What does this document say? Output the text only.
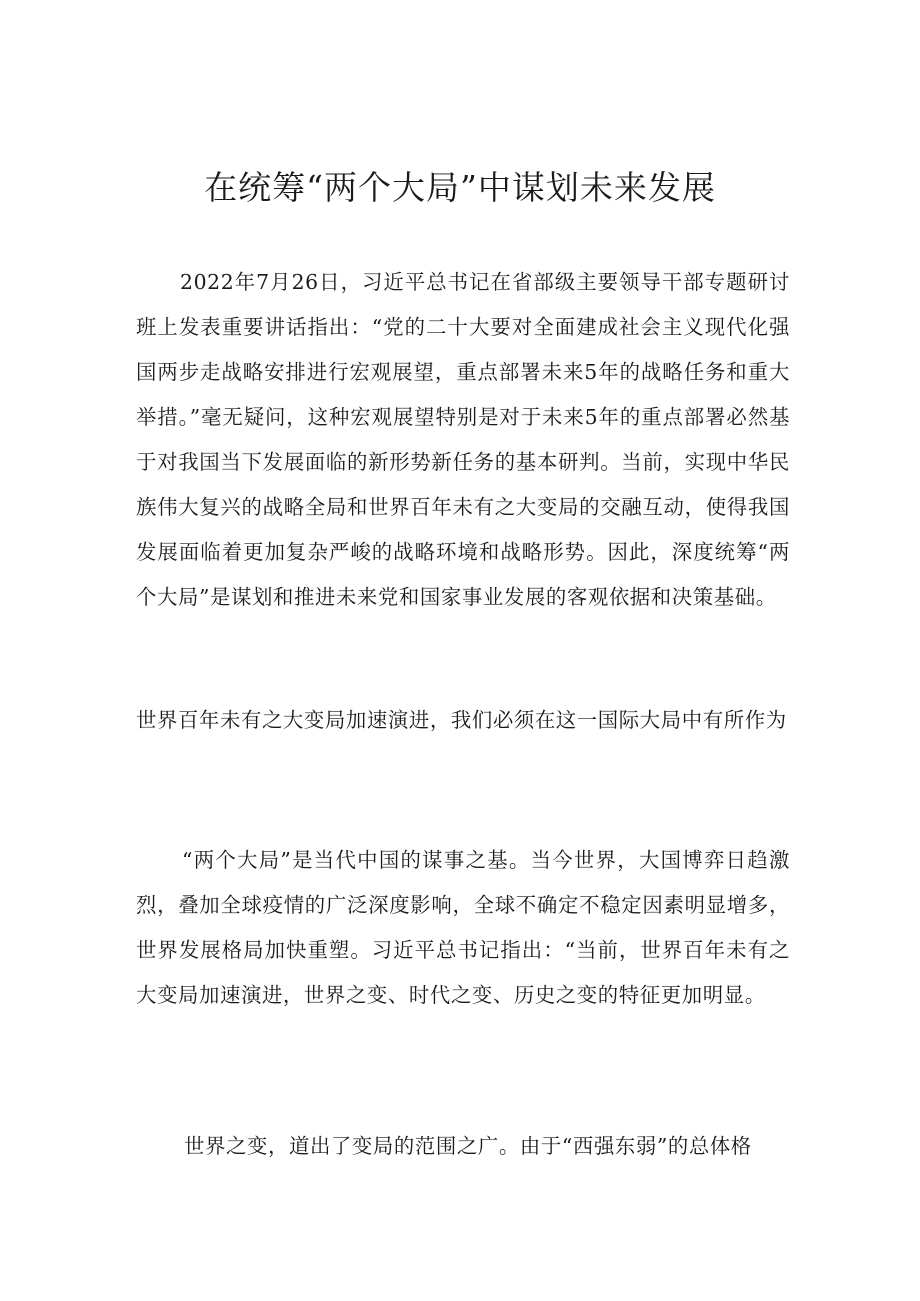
在统筹“两个大局”中谋划未来发展

2022年7月26日，习近平总书记在省部级主要领导干部专题研讨班上发表重要讲话指出：“党的二十大要对全面建成社会主义现代化强国两步走战略安排进行宏观展望，重点部署未来5年的战略任务和重大举措。”毫无疑问，这种宏观展望特别是对于未来5年的重点部署必然基于对我国当下发展面临的新形势新任务的基本研判。当前，实现中华民族伟大复兴的战略全局和世界百年未有之大变局的交融互动，使得我国发展面临着更加复杂严峻的战略环境和战略形势。因此，深度统筹“两个大局”是谋划和推进未来党和国家事业发展的客观依据和决策基础。

世界百年未有之大变局加速演进，我们必须在这一国际大局中有所作为

“两个大局”是当代中国的谋事之基。当今世界，大国博弈日趋激烈，叠加全球疫情的广泛深度影响，全球不确定不稳定因素明显增多，世界发展格局加快重塑。习近平总书记指出：“当前，世界百年未有之大变局加速演进，世界之变、时代之变、历史之变的特征更加明显。

世界之变，道出了变局的范围之广。由于“西强东弱”的总体格
